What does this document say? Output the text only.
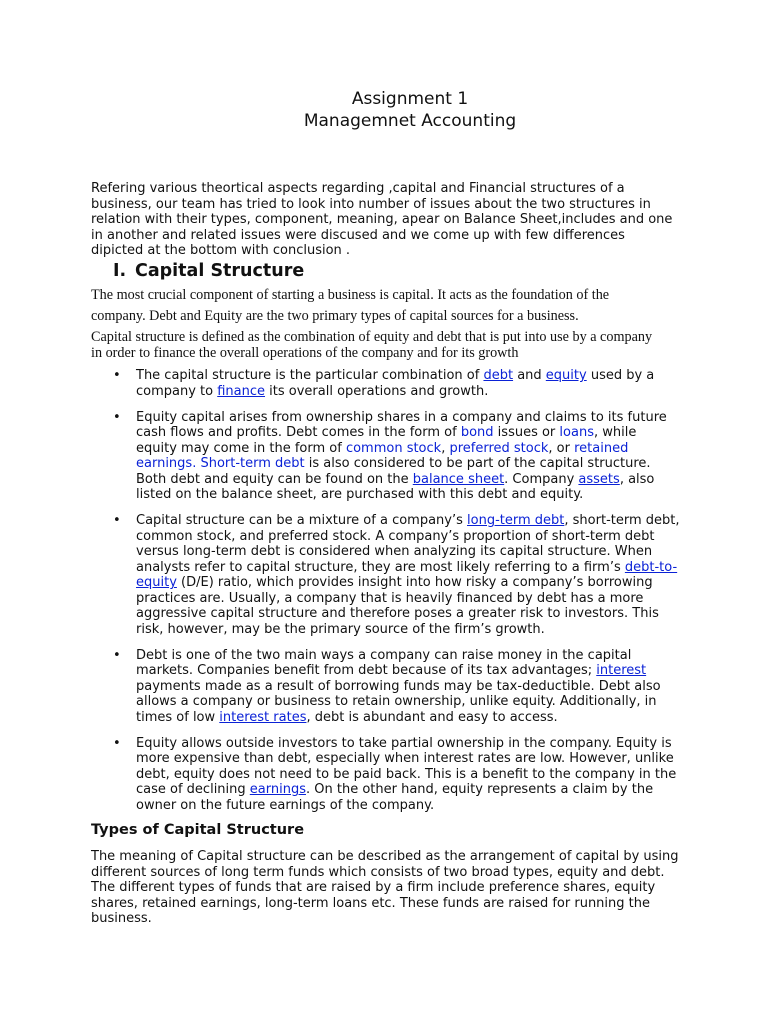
Assignment 1
Managemnet Accounting
Refering various theortical aspects regarding ,capital and Financial structures of a business, our team has tried to look into number of issues about the two structures in relation with their types, component, meaning, apear on Balance Sheet,includes and one in another and related issues were discused and we come up with few differences dipicted at the bottom with conclusion .
I. Capital Structure
The most crucial component of starting a business is capital. It acts as the foundation of the company. Debt and Equity are the two primary types of capital sources for a business.
Capital structure is defined as the combination of equity and debt that is put into use by a company in order to finance the overall operations of the company and for its growth
• The capital structure is the particular combination of debt and equity used by a company to finance its overall operations and growth.
• Equity capital arises from ownership shares in a company and claims to its future cash flows and profits. Debt comes in the form of bond issues or loans, while equity may come in the form of common stock, preferred stock, or retained earnings. Short-term debt is also considered to be part of the capital structure. Both debt and equity can be found on the balance sheet. Company assets, also listed on the balance sheet, are purchased with this debt and equity.
• Capital structure can be a mixture of a company’s long-term debt, short-term debt, common stock, and preferred stock. A company’s proportion of short-term debt versus long-term debt is considered when analyzing its capital structure. When analysts refer to capital structure, they are most likely referring to a firm’s debt-to-equity (D/E) ratio, which provides insight into how risky a company’s borrowing practices are. Usually, a company that is heavily financed by debt has a more aggressive capital structure and therefore poses a greater risk to investors. This risk, however, may be the primary source of the firm’s growth.
• Debt is one of the two main ways a company can raise money in the capital markets. Companies benefit from debt because of its tax advantages; interest payments made as a result of borrowing funds may be tax-deductible. Debt also allows a company or business to retain ownership, unlike equity. Additionally, in times of low interest rates, debt is abundant and easy to access.
• Equity allows outside investors to take partial ownership in the company. Equity is more expensive than debt, especially when interest rates are low. However, unlike debt, equity does not need to be paid back. This is a benefit to the company in the case of declining earnings. On the other hand, equity represents a claim by the owner on the future earnings of the company.
Types of Capital Structure
The meaning of Capital structure can be described as the arrangement of capital by using different sources of long term funds which consists of two broad types, equity and debt. The different types of funds that are raised by a firm include preference shares, equity shares, retained earnings, long-term loans etc. These funds are raised for running the business.
